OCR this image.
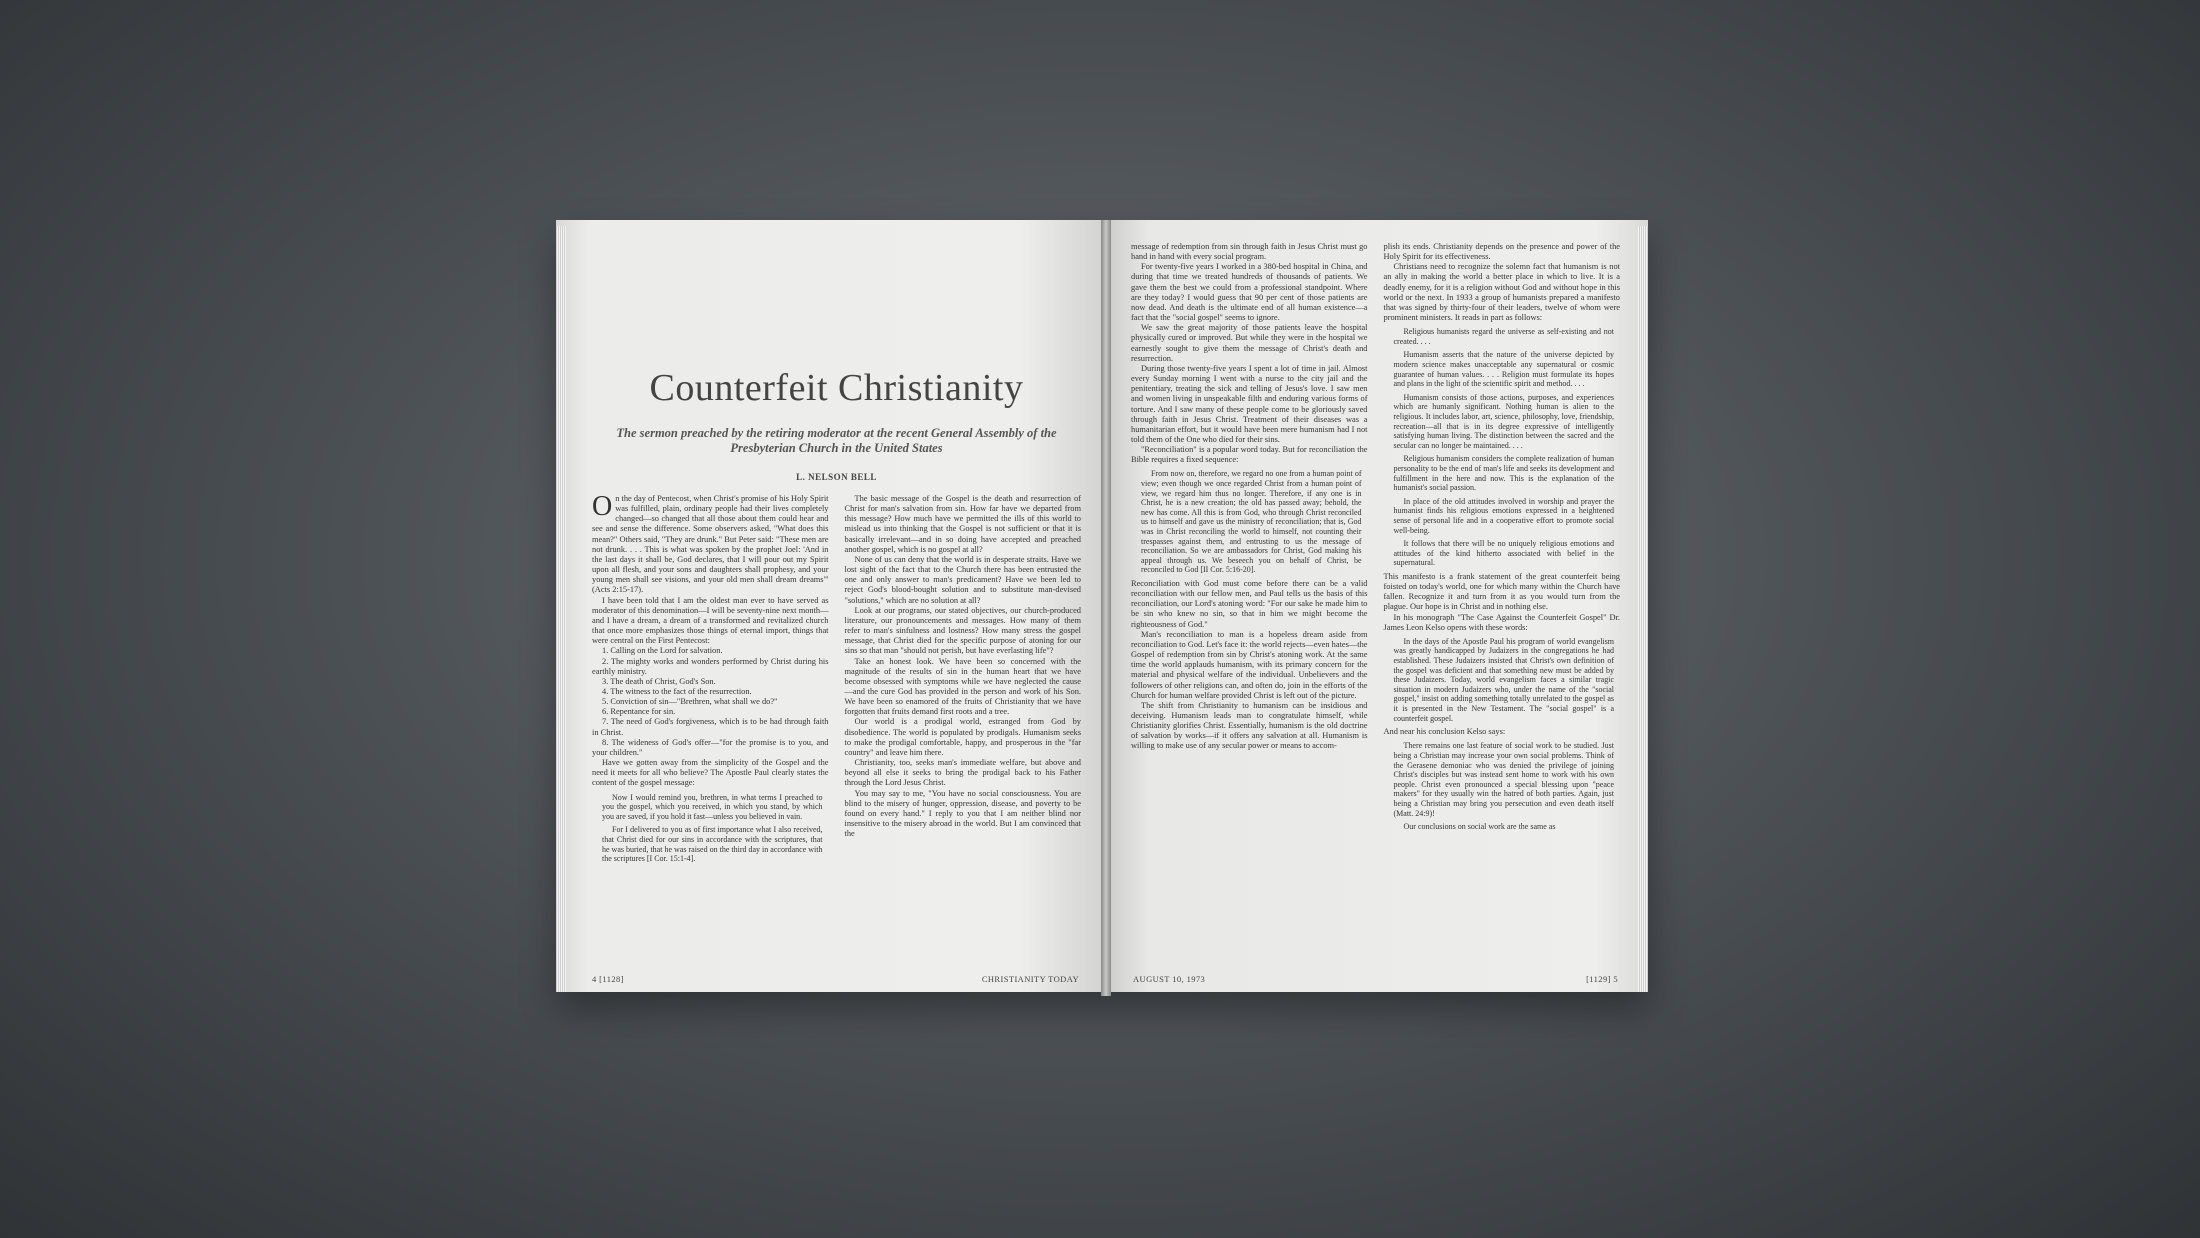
Counterfeit Christianity
The sermon preached by the retiring moderator at the recent General Assembly of the Presbyterian Church in the United States
L. NELSON BELL

On the day of Pentecost, when Christ's promise of his Holy Spirit was fulfilled, plain, ordinary people had their lives completely changed—so changed that all those about them could hear and see and sense the difference. Some observers asked, "What does this mean?" Others said, "They are drunk." But Peter said: "These men are not drunk. . . . This is what was spoken by the prophet Joel: 'And in the last days it shall be, God declares, that I will pour out my Spirit upon all flesh, and your sons and daughters shall prophesy, and your young men shall see visions, and your old men shall dream dreams'" (Acts 2:15-17).

I have been told that I am the oldest man ever to have served as moderator of this denomination—I will be seventy-nine next month—and I have a dream, a dream of a transformed and revitalized church that once more emphasizes those things of eternal import, things that were central on the First Pentecost:

1. Calling on the Lord for salvation.

2. The mighty works and wonders performed by Christ during his earthly ministry.

3. The death of Christ, God's Son.

4. The witness to the fact of the resurrection.

5. Conviction of sin—"Brethren, what shall we do?"

6. Repentance for sin.

7. The need of God's forgiveness, which is to be had through faith in Christ.

8. The wideness of God's offer—"for the promise is to you, and your children."

Have we gotten away from the simplicity of the Gospel and the need it meets for all who believe? The Apostle Paul clearly states the content of the gospel message:

Now I would remind you, brethren, in what terms I preached to you the gospel, which you received, in which you stand, by which you are saved, if you hold it fast—unless you believed in vain.

For I delivered to you as of first importance what I also received, that Christ died for our sins in accordance with the scriptures, that he was buried, that he was raised on the third day in accordance with the scriptures [I Cor. 15:1-4].

The basic message of the Gospel is the death and resurrection of Christ for man's salvation from sin. How far have we departed from this message? How much have we permitted the ills of this world to mislead us into thinking that the Gospel is not sufficient or that it is basically irrelevant—and in so doing have accepted and preached another gospel, which is no gospel at all?

None of us can deny that the world is in desperate straits. Have we lost sight of the fact that to the Church there has been entrusted the one and only answer to man's predicament? Have we been led to reject God's blood-bought solution and to substitute man-devised "solutions," which are no solution at all?

Look at our programs, our stated objectives, our church-produced literature, our pronouncements and messages. How many of them refer to man's sinfulness and lostness? How many stress the gospel message, that Christ died for the specific purpose of atoning for our sins so that man "should not perish, but have everlasting life"?

Take an honest look. We have been so concerned with the magnitude of the results of sin in the human heart that we have become obsessed with symptoms while we have neglected the cause—and the cure God has provided in the person and work of his Son. We have been so enamored of the fruits of Christianity that we have forgotten that fruits demand first roots and a tree.

Our world is a prodigal world, estranged from God by disobedience. The world is populated by prodigals. Humanism seeks to make the prodigal comfortable, happy, and prosperous in the "far country" and leave him there.

Christianity, too, seeks man's immediate welfare, but above and beyond all else it seeks to bring the prodigal back to his Father through the Lord Jesus Christ.

You may say to me, "You have no social consciousness. You are blind to the misery of hunger, oppression, disease, and poverty to be found on every hand." I reply to you that I am neither blind nor insensitive to the misery abroad in the world. But I am convinced that the

4 [1128]	CHRISTIANITY TODAY

message of redemption from sin through faith in Jesus Christ must go hand in hand with every social program.

For twenty-five years I worked in a 380-bed hospital in China, and during that time we treated hundreds of thousands of patients. We gave them the best we could from a professional standpoint. Where are they today? I would guess that 90 per cent of those patients are now dead. And death is the ultimate end of all human existence—a fact that the "social gospel" seems to ignore.

We saw the great majority of those patients leave the hospital physically cured or improved. But while they were in the hospital we earnestly sought to give them the message of Christ's death and resurrection.

During those twenty-five years I spent a lot of time in jail. Almost every Sunday morning I went with a nurse to the city jail and the penitentiary, treating the sick and telling of Jesus's love. I saw men and women living in unspeakable filth and enduring various forms of torture. And I saw many of these people come to be gloriously saved through faith in Jesus Christ. Treatment of their diseases was a humanitarian effort, but it would have been mere humanism had I not told them of the One who died for their sins.

"Reconciliation" is a popular word today. But for reconciliation the Bible requires a fixed sequence:

From now on, therefore, we regard no one from a human point of view; even though we once regarded Christ from a human point of view, we regard him thus no longer. Therefore, if any one is in Christ, he is a new creation; the old has passed away; behold, the new has come. All this is from God, who through Christ reconciled us to himself and gave us the ministry of reconciliation; that is, God was in Christ reconciling the world to himself, not counting their trespasses against them, and entrusting to us the message of reconciliation. So we are ambassadors for Christ, God making his appeal through us. We beseech you on behalf of Christ, be reconciled to God [II Cor. 5:16-20].

Reconciliation with God must come before there can be a valid reconciliation with our fellow men, and Paul tells us the basis of this reconciliation, our Lord's atoning word: "For our sake he made him to be sin who knew no sin, so that in him we might become the righteousness of God."

Man's reconciliation to man is a hopeless dream aside from reconciliation to God. Let's face it: the world rejects—even hates—the Gospel of redemption from sin by Christ's atoning work. At the same time the world applauds humanism, with its primary concern for the material and physical welfare of the individual. Unbelievers and the followers of other religions can, and often do, join in the efforts of the Church for human welfare provided Christ is left out of the picture.

The shift from Christianity to humanism can be insidious and deceiving. Humanism leads man to congratulate himself, while Christianity glorifies Christ. Essentially, humanism is the old doctrine of salvation by works—if it offers any salvation at all. Humanism is willing to make use of any secular power or means to accom-

plish its ends. Christianity depends on the presence and power of the Holy Spirit for its effectiveness.

Christians need to recognize the solemn fact that humanism is not an ally in making the world a better place in which to live. It is a deadly enemy, for it is a religion without God and without hope in this world or the next. In 1933 a group of humanists prepared a manifesto that was signed by thirty-four of their leaders, twelve of whom were prominent ministers. It reads in part as follows:

Religious humanists regard the universe as self-existing and not created. . . .

Humanism asserts that the nature of the universe depicted by modern science makes unacceptable any supernatural or cosmic guarantee of human values. . . . Religion must formulate its hopes and plans in the light of the scientific spirit and method. . . .

Humanism consists of those actions, purposes, and experiences which are humanly significant. Nothing human is alien to the religious. It includes labor, art, science, philosophy, love, friendship, recreation—all that is in its degree expressive of intelligently satisfying human living. The distinction between the sacred and the secular can no longer be maintained. . . .

Religious humanism considers the complete realization of human personality to be the end of man's life and seeks its development and fulfillment in the here and now. This is the explanation of the humanist's social passion.

In place of the old attitudes involved in worship and prayer the humanist finds his religious emotions expressed in a heightened sense of personal life and in a cooperative effort to promote social well-being.

It follows that there will be no uniquely religious emotions and attitudes of the kind hitherto associated with belief in the supernatural.

This manifesto is a frank statement of the great counterfeit being foisted on today's world, one for which many within the Church have fallen. Recognize it and turn from it as you would turn from the plague. Our hope is in Christ and in nothing else.

In his monograph "The Case Against the Counterfeit Gospel" Dr. James Leon Kelso opens with these words:

In the days of the Apostle Paul his program of world evangelism was greatly handicapped by Judaizers in the congregations he had established. These Judaizers insisted that Christ's own definition of the gospel was deficient and that something new must be added by these Judaizers. Today, world evangelism faces a similar tragic situation in modern Judaizers who, under the name of the "social gospel," insist on adding something totally unrelated to the gospel as it is presented in the New Testament. The "social gospel" is a counterfeit gospel.

And near his conclusion Kelso says:

There remains one last feature of social work to be studied. Just being a Christian may increase your own social problems. Think of the Gerasene demoniac who was denied the privilege of joining Christ's disciples but was instead sent home to work with his own people. Christ even pronounced a special blessing upon "peace makers" for they usually win the hatred of both parties. Again, just being a Christian may bring you persecution and even death itself (Matt. 24:9)!

Our conclusions on social work are the same as

AUGUST 10, 1973	[1129] 5
